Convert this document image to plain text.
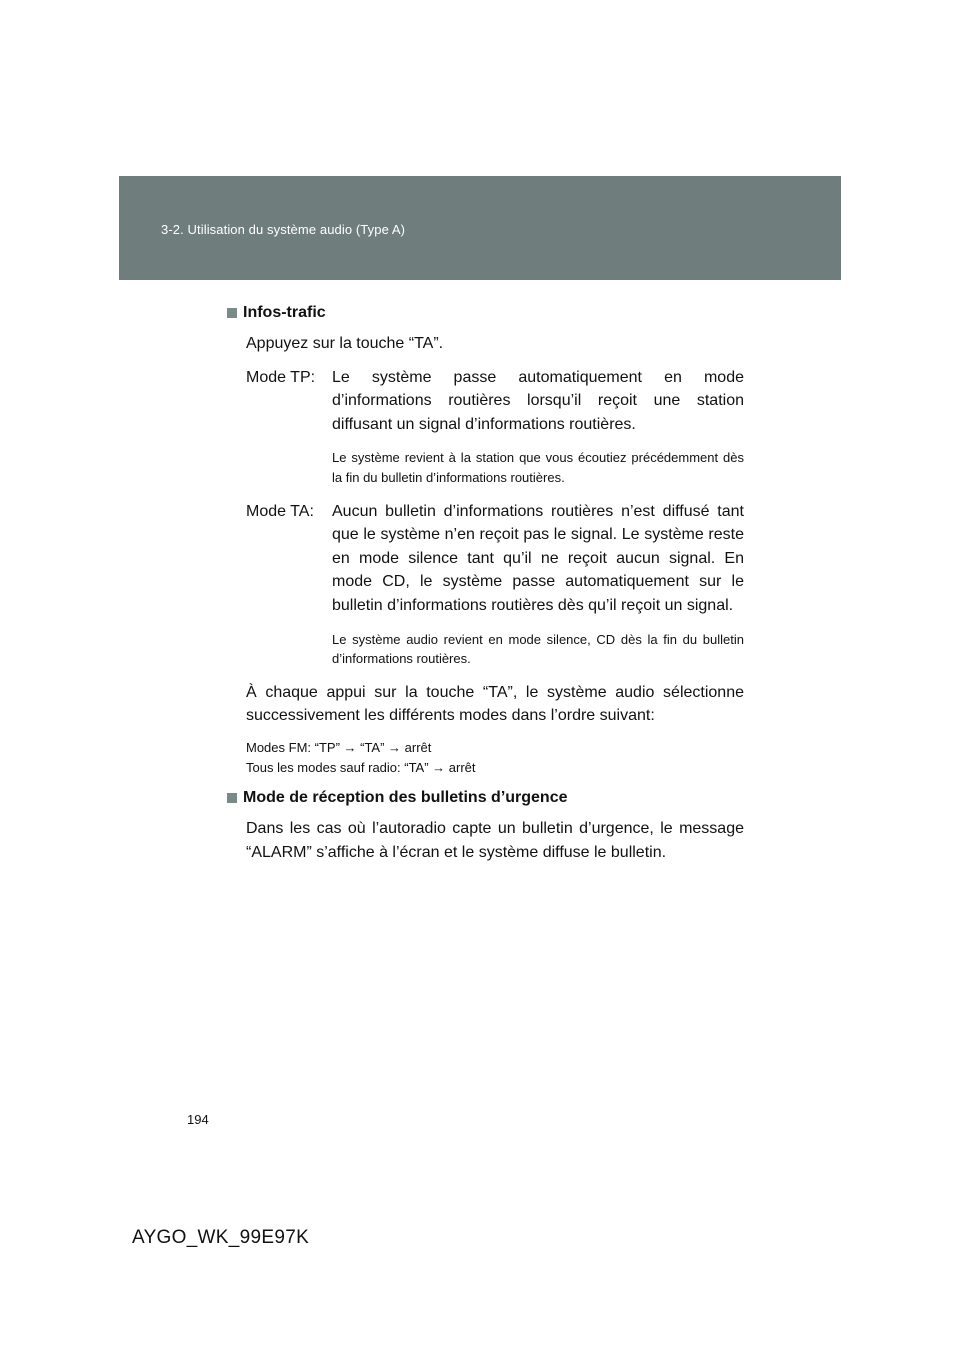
3-2. Utilisation du système audio (Type A)
Infos-trafic
Appuyez sur la touche “TA”.
Mode TP:	Le système passe automatiquement en mode d’informations routières lorsqu’il reçoit une station diffusant un signal d’informations routières.
Le système revient à la station que vous écoutiez précédemment dès la fin du bulletin d’informations routières.
Mode TA:	Aucun bulletin d’informations routières n’est diffusé tant que le système n’en reçoit pas le signal. Le système reste en mode silence tant qu’il ne reçoit aucun signal. En mode CD, le système passe automatiquement sur le bulletin d’informations routières dès qu’il reçoit un signal.
Le système audio revient en mode silence, CD dès la fin du bulletin d’informations routières.
À chaque appui sur la touche “TA”, le système audio sélectionne successivement les différents modes dans l’ordre suivant:
Modes FM: “TP” → “TA” → arrêt
Tous les modes sauf radio: “TA” → arrêt
Mode de réception des bulletins d’urgence
Dans les cas où l’autoradio capte un bulletin d’urgence, le message “ALARM” s’affiche à l’écran et le système diffuse le bulletin.
194
AYGO_WK_99E97K
